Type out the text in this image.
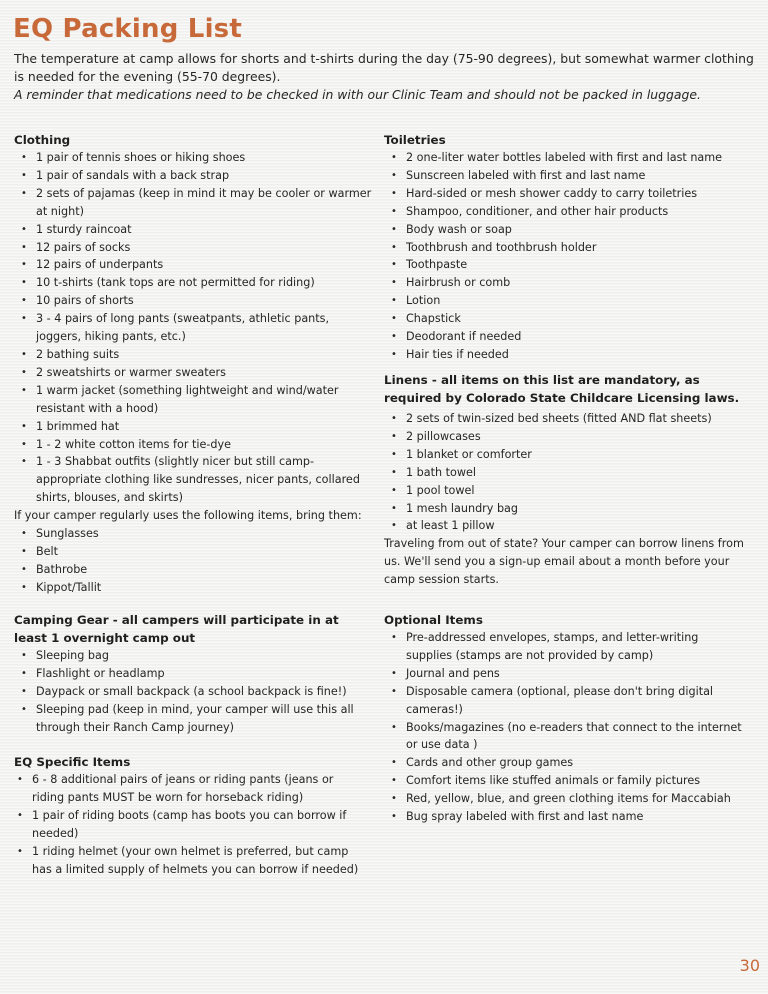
EQ Packing List

The temperature at camp allows for shorts and t-shirts during the day (75-90 degrees), but somewhat warmer clothing is needed for the evening (55-70 degrees).

A reminder that medications need to be checked in with our Clinic Team and should not be packed in luggage.

Clothing
• 1 pair of tennis shoes or hiking shoes
• 1 pair of sandals with a back strap
• 2 sets of pajamas (keep in mind it may be cooler or warmer at night)
• 1 sturdy raincoat
• 12 pairs of socks
• 12 pairs of underpants
• 10 t-shirts (tank tops are not permitted for riding)
• 10 pairs of shorts
• 3 - 4 pairs of long pants (sweatpants, athletic pants, joggers, hiking pants, etc.)
• 2 bathing suits
• 2 sweatshirts or warmer sweaters
• 1 warm jacket (something lightweight and wind/water resistant with a hood)
• 1 brimmed hat
• 1 - 2 white cotton items for tie-dye
• 1 - 3 Shabbat outfits (slightly nicer but still camp-appropriate clothing like sundresses, nicer pants, collared shirts, blouses, and skirts)

If your camper regularly uses the following items, bring them:

• Sunglasses
• Belt
• Bathrobe
• Kippot/Tallit
Camping Gear - all campers will participate in at least 1 overnight camp out
• Sleeping bag
• Flashlight or headlamp
• Daypack or small backpack (a school backpack is fine!)
• Sleeping pad (keep in mind, your camper will use this all through their Ranch Camp journey)
EQ Specific Items
• 6 - 8 additional pairs of jeans or riding pants (jeans or riding pants MUST be worn for horseback riding)
• 1 pair of riding boots (camp has boots you can borrow if needed)
• 1 riding helmet (your own helmet is preferred, but camp has a limited supply of helmets you can borrow if needed)
Toiletries
• 2 one-liter water bottles labeled with first and last name
• Sunscreen labeled with first and last name
• Hard-sided or mesh shower caddy to carry toiletries
• Shampoo, conditioner, and other hair products
• Body wash or soap
• Toothbrush and toothbrush holder
• Toothpaste
• Hairbrush or comb
• Lotion
• Chapstick
• Deodorant if needed
• Hair ties if needed
Linens - all items on this list are mandatory, as required by Colorado State Childcare Licensing laws.
• 2 sets of twin-sized bed sheets (fitted AND flat sheets)
• 2 pillowcases
• 1 blanket or comforter
• 1 bath towel
• 1 pool towel
• 1 mesh laundry bag
• at least 1 pillow

Traveling from out of state? Your camper can borrow linens from us. We'll send you a sign-up email about a month before your camp session starts.

Optional Items
• Pre-addressed envelopes, stamps, and letter-writing supplies (stamps are not provided by camp)
• Journal and pens
• Disposable camera (optional, please don't bring digital cameras!)
• Books/magazines (no e-readers that connect to the internet or use data )
• Cards and other group games
• Comfort items like stuffed animals or family pictures
• Red, yellow, blue, and green clothing items for Maccabiah
• Bug spray labeled with first and last name
30
